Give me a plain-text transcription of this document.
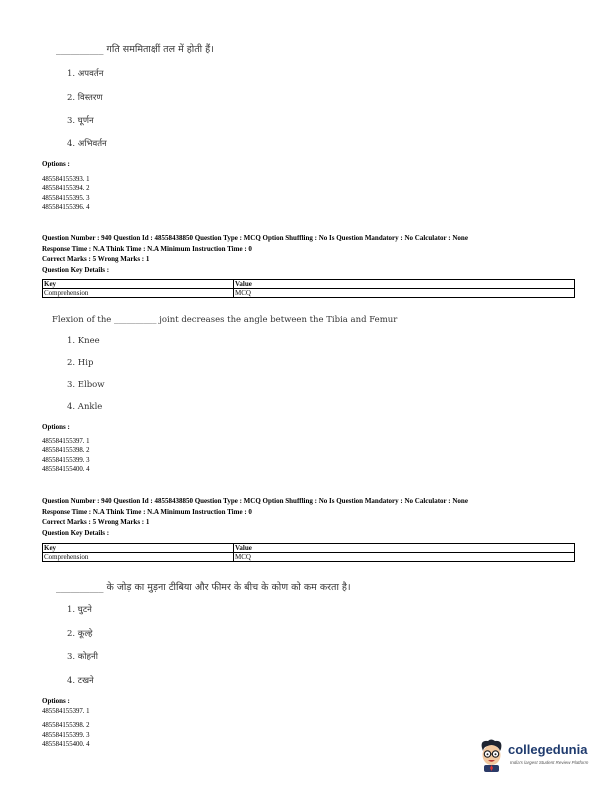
__________ गति सममिताक्षीं तल में होती हैं।
1. अपवर्तन
2. विस्तरण
3. घूर्णन
4. अभिवर्तन
Options :
485584155393. 1
485584155394. 2
485584155395. 3
485584155396. 4
Question Number : 940 Question Id : 48558438850 Question Type : MCQ Option Shuffling : No Is Question Mandatory : No Calculator : None
Response Time : N.A Think Time : N.A Minimum Instruction Time : 0
Correct Marks : 5 Wrong Marks : 1
Question Key Details :
Key	Value
Comprehension	MCQ
Flexion of the __________ joint decreases the angle between the Tibia and Femur
1. Knee
2. Hip
3. Elbow
4. Ankle
Options :
485584155397. 1
485584155398. 2
485584155399. 3
485584155400. 4
Question Number : 940 Question Id : 48558438850 Question Type : MCQ Option Shuffling : No Is Question Mandatory : No Calculator : None
Response Time : N.A Think Time : N.A Minimum Instruction Time : 0
Correct Marks : 5 Wrong Marks : 1
Question Key Details :
Key	Value
Comprehension	MCQ
__________ के जोड़ का मुड़ना टीबिया और फीमर के बीच के कोण को कम करता है।
1. घुटने
2. कूल्हे
3. कोहनी
4. टखने
Options :
485584155397. 1
485584155398. 2
485584155399. 3
485584155400. 4	collegedunia
India's largest Student Review Platform
